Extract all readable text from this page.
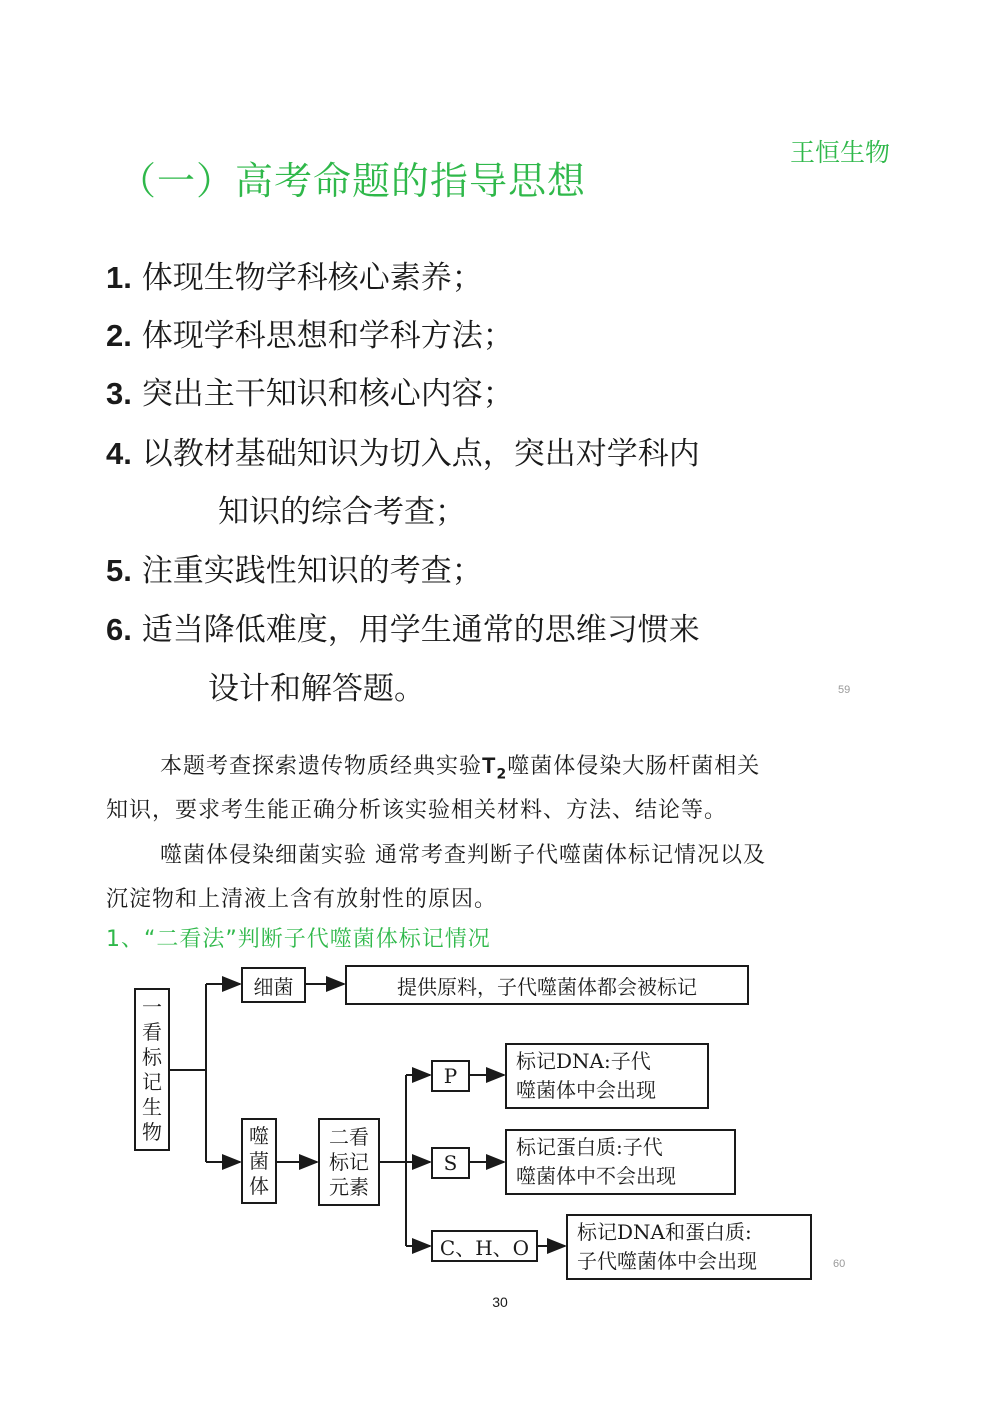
王恒生物
（一）高考命题的指导思想
1. 体现生物学科核心素养；
2. 体现学科思想和学科方法；
3. 突出主干知识和核心内容；
4. 以教材基础知识为切入点，突出对学科内
知识的综合考查；
5. 注重实践性知识的考查；
6. 适当降低难度，用学生通常的思维习惯来
设计和解答题。	59
本题考查探索遗传物质经典实验$T_2$噬菌体侵染大肠杆菌相关
知识，要求考生能正确分析该实验相关材料、方法、结论等。
噬菌体侵染细菌实验 通常考查判断子代噬菌体标记情况以及
沉淀物和上清液上含有放射性的原因。
1、“二看法”判断子代噬菌体标记情况
一
看
标
记
生
物
细菌	提供原料，子代噬菌体都会被标记
噬
菌
体
二看
标记
元素
P
标记DNA:子代
噬菌体中会出现
S
标记蛋白质:子代
噬菌体中不会出现
C、H、O
标记DNA和蛋白质:
子代噬菌体中会出现	60
30
